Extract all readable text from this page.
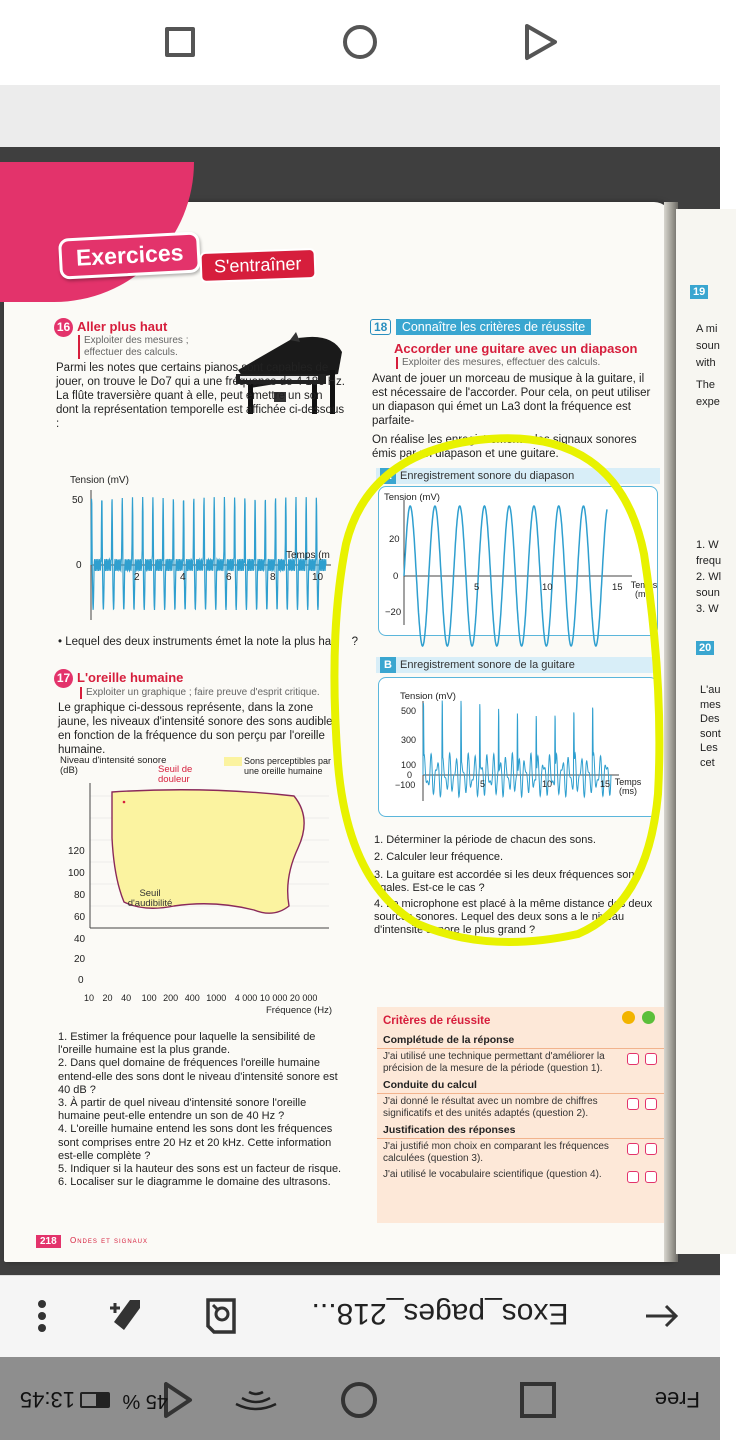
Exercices	S'entraîner
16 Aller plus haut
Exploiter des mesures ; effectuer des calculs.
Parmi les notes que certains pianos sont capables de jouer, on trouve le Do7 qui a une fréquence de 4 186 Hz. La flûte traversière quant à elle, peut émettre un son dont la représentation temporelle est affichée ci-dessous :
Tension (mV)
50
0
2	4	6	8	10
Temps (m
• Lequel des deux instruments émet la note la plus hau ?
17 L'oreille humaine
Exploiter un graphique ; faire preuve d'esprit critique.
Le graphique ci-dessous représente, dans la zone jaune, les niveaux d'intensité sonore des sons audibles en fonction de la fréquence du son perçu par l'oreille humaine.
Niveau d'intensité sonore (dB)
Sons perceptibles par une oreille humaine
Seuil de douleur
Seuil d'audibilité
120
100
80
60
40
20
0
10 20 40 100 200 400 1000 4 000 10 000 20 000
Fréquence (Hz)
1. Estimer la fréquence pour laquelle la sensibilité de l'oreille humaine est la plus grande.
2. Dans quel domaine de fréquences l'oreille humaine entend-elle des sons dont le niveau d'intensité sonore est 40 dB ?
3. À partir de quel niveau d'intensité sonore l'oreille humaine peut-elle entendre un son de 40 Hz ?
4. L'oreille humaine entend les sons dont les fréquences sont comprises entre 20 Hz et 20 kHz. Cette information est-elle complète ?
5. Indiquer si la hauteur des sons est un facteur de risque.
6. Localiser sur le diagramme le domaine des ultrasons.
218	Ondes et signaux
18 Connaître les critères de réussite
Accorder une guitare avec un diapason
Exploiter des mesures, effectuer des calculs.
Avant de jouer un morceau de musique à la guitare, il est nécessaire de l'accorder. Pour cela, on peut utiliser un diapason qui émet un La3 dont la fréquence est parfaite-
On réalise les enregistrements des signaux sonores émis par un diapason et une guitare.
A Enregistrement sonore du diapason
Tension (mV)
20
0
−20
5	10	15 Temps (ms)
B Enregistrement sonore de la guitare
Tension (mV)
500
300
100
0
−100	5	10	15 Temps (ms)
1. Déterminer la période de chacun des sons.
2. Calculer leur fréquence.
3. La guitare est accordée si les deux fréquences sont égales. Est-ce le cas ?
4. Le microphone est placé à la même distance des deux sources sonores. Lequel des deux sons a le niveau d'intensité sonore le plus grand ?
Critères de réussite
Complétude de la réponse
J'ai utilisé une technique permettant d'améliorer la précision de la mesure de la période (question 1).
Conduite du calcul
J'ai donné le résultat avec un nombre de chiffres significatifs et des unités adaptés (question 2).
Justification des réponses
J'ai justifié mon choix en comparant les fréquences calculées (question 3).
J'ai utilisé le vocabulaire scientifique (question 4).
19
A mi
soun
with
The
expe
1. W
frequ
2. Wl
soun
3. W
20
L'au
mes
Des
sont
Les
cet
Exos_pages_218...
Free
45 %
13:45
